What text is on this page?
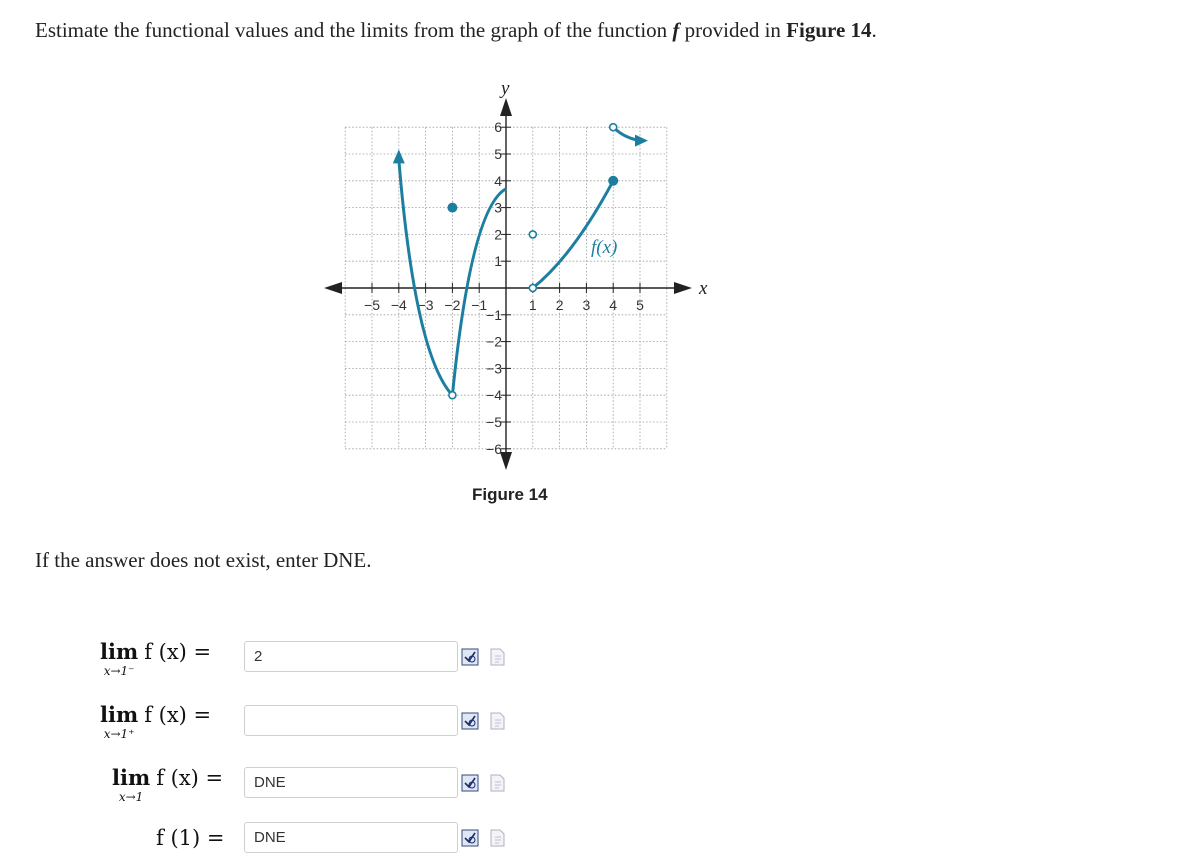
Estimate the functional values and the limits from the graph of the function f provided in Figure 14.
−5 −4 −3 −2 −1	1 2 3 4 5
6
5
4
3
2
1
−1
−2
−3
−4
−5
−6
x
y
f(x)
Figure 14
If the answer does not exist, enter DNE.
lim
x→1⁻
f (x) =	2
lim
x→1⁺
f (x) =
lim
x→1
f (x) =	DNE
f (1) =	DNE
